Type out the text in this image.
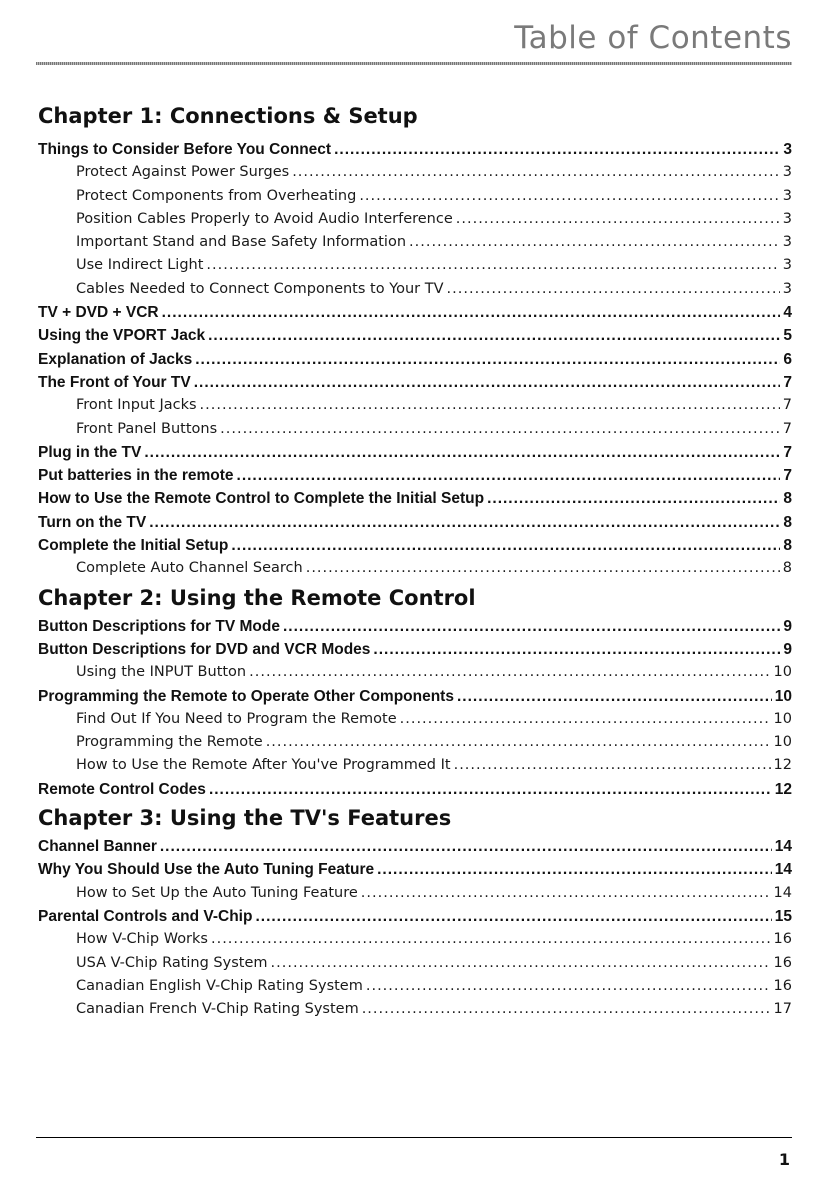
Table of Contents
Chapter 1: Connections & Setup
Things to Consider Before You Connect .....	3
Protect Against Power Surges .....	3
Protect Components from Overheating .....	3
Position Cables Properly to Avoid Audio Interference .....	3
Important Stand and Base Safety Information .....	3
Use Indirect Light .....	3
Cables Needed to Connect Components to Your TV .....	3
TV + DVD + VCR .....	4
Using the VPORT Jack .....	5
Explanation of Jacks .....	6
The Front of Your TV .....	7
Front Input Jacks .....	7
Front Panel Buttons .....	7
Plug in the TV .....	7
Put batteries in the remote .....	7
How to Use the Remote Control to Complete the Initial Setup .....	8
Turn on the TV .....	8
Complete the Initial Setup .....	8
Complete Auto Channel Search .....	8
Chapter 2: Using the Remote Control
Button Descriptions for TV Mode .....	9
Button Descriptions for DVD and VCR Modes .....	9
Using the INPUT Button .....	10
Programming the Remote to Operate Other Components .....	10
Find Out If You Need to Program the Remote .....	10
Programming the Remote .....	10
How to Use the Remote After You've Programmed It .....	12
Remote Control Codes .....	12
Chapter 3: Using the TV's Features
Channel Banner .....	14
Why You Should Use the Auto Tuning Feature .....	14
How to Set Up the Auto Tuning Feature .....	14
Parental Controls and V-Chip .....	15
How V-Chip Works .....	16
USA V-Chip Rating System .....	16
Canadian English V-Chip Rating System .....	16
Canadian French V-Chip Rating System .....	17
1
